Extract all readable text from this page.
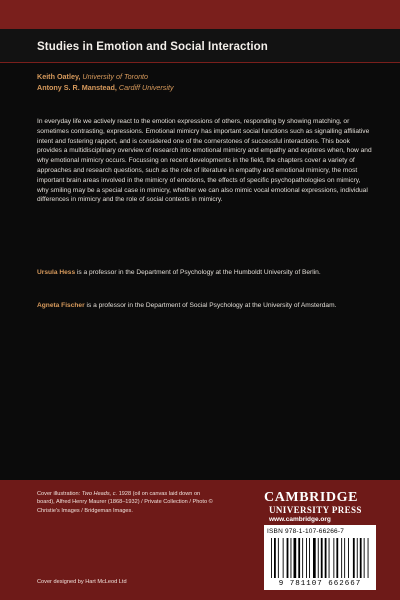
Studies in Emotion and Social Interaction
Keith Oatley, University of Toronto
Antony S. R. Manstead, Cardiff University

In everyday life we actively react to the emotion expressions of others, responding by showing matching, or sometimes contrasting, expressions. Emotional mimicry has important social functions such as signalling affiliative intent and fostering rapport, and is considered one of the cornerstones of successful interactions. This book provides a multidisciplinary overview of research into emotional mimicry and empathy and explores when, how and why emotional mimicry occurs. Focussing on recent developments in the field, the chapters cover a variety of approaches and research questions, such as the role of literature in empathy and emotional mimicry, the most important brain areas involved in the mimicry of emotions, the effects of specific psychopathologies on mimicry, why smiling may be a special case in mimicry, whether we can also mimic vocal emotional expressions, individual differences in mimicry and the role of social contexts in mimicry.

Ursula Hess is a professor in the Department of Psychology at the Humboldt University of Berlin.

Agneta Fischer is a professor in the Department of Social Psychology at the University of Amsterdam.

Cover illustration: Two Heads, c. 1928 (oil on canvas laid down on board), Alfred Henry Maurer (1868–1932) / Private Collection / Photo © Christie's Images / Bridgeman Images.

Cover designed by Hart McLeod Ltd
CAMBRIDGE
UNIVERSITY PRESS
www.cambridge.org
ISBN 978-1-107-66266-7
9 781107 662667
